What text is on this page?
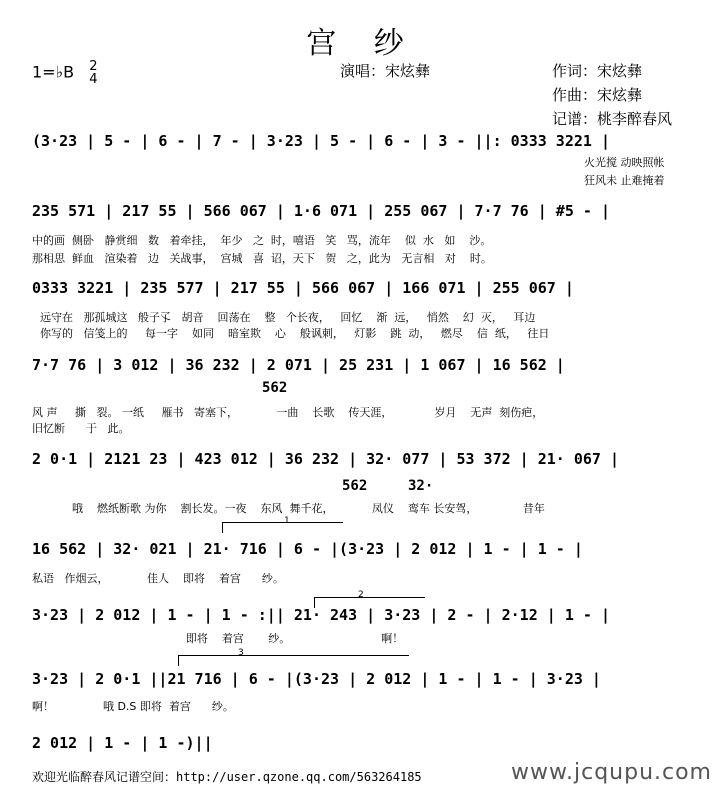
宫 纱
1=♭B 2
4	演唱：宋炫彝	作词：宋炫彝
作曲：宋炫彝
记谱：桃李醉春风
(3·23 | 5 - | 6 - | 7 - | 3·23 | 5 - | 6 - | 3 - ||: 0333 3221 |
火光搅 动映照帐
狂风未 止难掩着
235 571 | 217 55 | 566 067 | 1·6 071 | 255 067 | 7·7 76 | #5 - |
中的画  侧卧   静赏细   数   着牵挂，  年少   之  时，嘻语   笑   骂，流年    似  水   如    沙。
那相思  鲜血   渲染着   边   关战事，  宫城   喜  诏，天下   贺   之，此为   无言相   对    时。
0333 3221 | 235 577 | 217 55 | 566 067 | 166 071 | 255 067 |
远守在   那孤城这   般子孓   胡音    回荡在    整   个长夜，   回忆    渐  远，   悄然    幻  灭，   耳边
你写的   信笺上的     每一字    如同    暗室欺    心    般讽刺，   灯影    跳  动，   燃尽    信  纸，   往日
7·7 76 | 3 012 | 36 232 | 2 071 | 25 231 | 1 067 | 16 562 |
562
风 声     撕   裂。 一纸     雁书   寄塞下，           一曲    长歌    传天涯，            岁月    无声  刻伤疤，
旧忆断      于   此。
2 0·1 | 2121 23 | 423 012 | 36 232 | 32· 077 | 53 372 | 21· 067 |
562	32·
哦    燃纸断歌 为你    割长发。一夜    东风  舞千花，           凤仪    鸾车 长安驾，             昔年
1
16 562 | 32· 021 | 21· 716 | 6 - |(3·23 | 2 012 | 1 - | 1 - |
私语   作烟云，           佳人    即将    着宫      纱。
2
3·23 | 2 012 | 1 - | 1 - :|| 21· 243 | 3·23 | 2 - | 2·12 | 1 - |
即将    着宫       纱。                          啊！
3
3·23 | 2 0·1 ||21 716 | 6 - |(3·23 | 2 012 | 1 - | 1 - | 3·23 |
啊！              哦 D.S 即将  着宫      纱。
2 012 | 1 - | 1 -)||
欢迎光临醉春风记谱空间：http://user.qzone.qq.com/563264185	www.jcqupu.com
